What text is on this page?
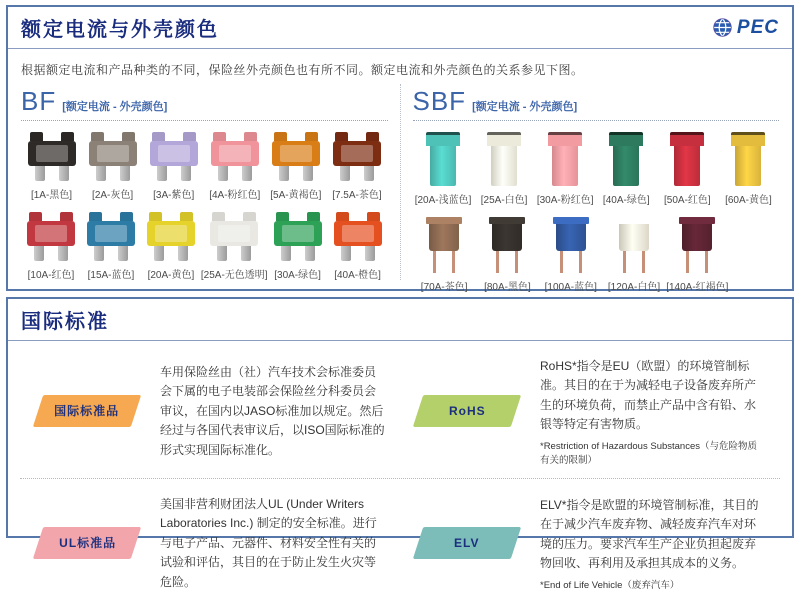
额定电流与外壳颜色	PEC
根据额定电流和产品种类的不同，保险丝外壳颜色也有所不同。额定电流和外壳颜色的关系参见下图。
BF [额定电流 - 外壳颜色]
[1A-黑色] [2A-灰色] [3A-紫色] [4A-粉红色] [5A-黄褐色] [7.5A-茶色]
[10A-红色] [15A-蓝色] [20A-黄色] [25A-无色透明] [30A-绿色] [40A-橙色]
SBF [额定电流 - 外壳颜色]
[20A-浅蓝色] [25A-白色] [30A-粉红色] [40A-绿色] [50A-红色] [60A-黄色]
[70A-茶色] [80A-黑色] [100A-蓝色] [120A-白色] [140A-红褐色]
国际标准
国际标准品

车用保险丝由（社）汽车技术会标准委员会下属的电子电装部会保险丝分科委员会审议，在国内以JASO标准加以规定。然后经过与各国代表审议后，以ISO国际标准的形式实现国际标准化。

RoHS

RoHS*指令是EU（欧盟）的环境管制标准。其目的在于为减轻电子设备废弃所产生的环境负荷，而禁止产品中含有铅、水银等特定有害物质。

*Restriction of Hazardous Substances（与危险物质有关的限制）

UL标准品

美国非营利财团法人UL (Under Writers Laboratories Inc.) 制定的安全标准。进行与电子产品、元器件、材料安全性有关的试验和评估，其目的在于防止发生火灾等危险。

ELV

ELV*指令是欧盟的环境管制标准，其目的在于减少汽车废弃物、减轻废弃汽车对环境的压力。要求汽车生产企业负担起废弃物回收、再利用及承担其成本的义务。

*End of Life Vehicle（废弃汽车）
